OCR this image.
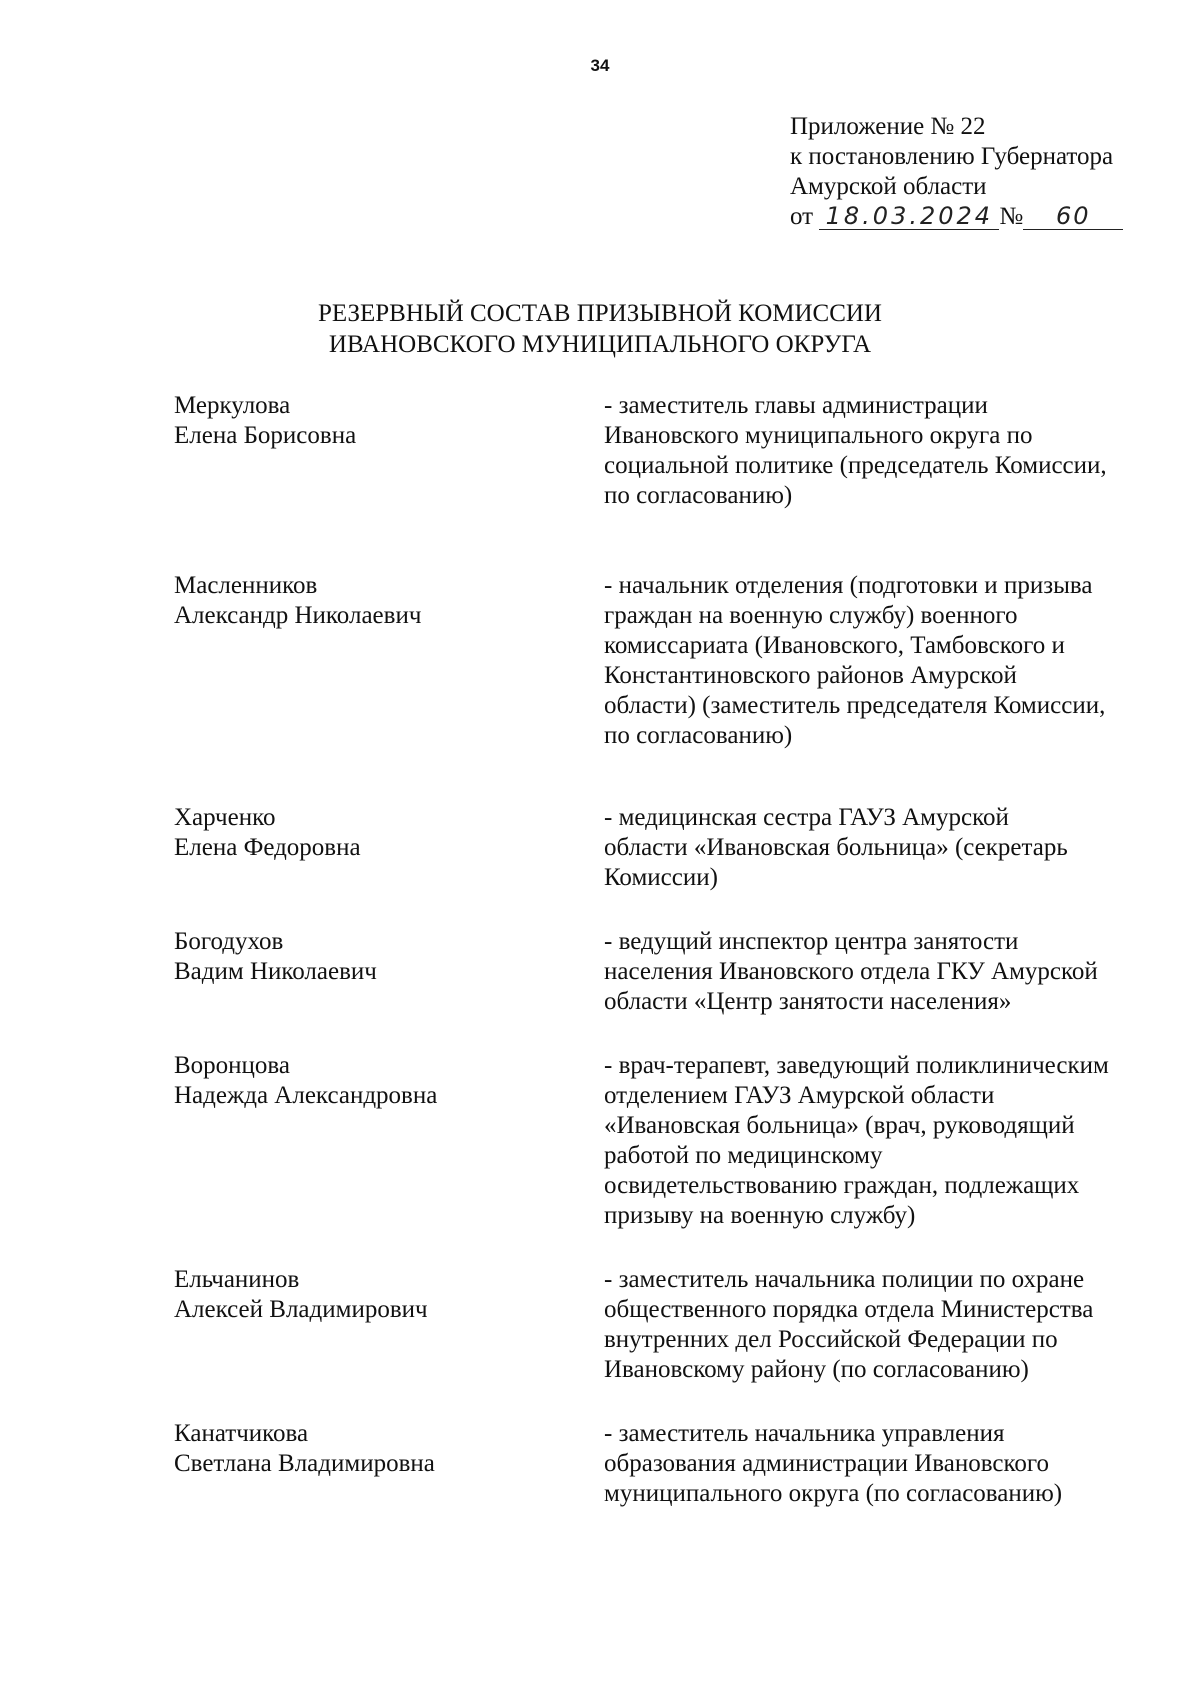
34
Приложение № 22
к постановлению Губернатора
Амурской области
от 18.03.2024 № 60
РЕЗЕРВНЫЙ СОСТАВ ПРИЗЫВНОЙ КОМИССИИ
ИВАНОВСКОГО МУНИЦИПАЛЬНОГО ОКРУГА
Меркулова
Елена Борисовна
- заместитель главы администрации
Ивановского муниципального округа по
социальной политике (председатель Комиссии,
по согласованию)
Масленников
Александр Николаевич
- начальник отделения (подготовки и призыва
граждан на военную службу) военного
комиссариата (Ивановского, Тамбовского и
Константиновского районов Амурской
области) (заместитель председателя Комиссии,
по согласованию)
Харченко
Елена Федоровна
- медицинская сестра ГАУЗ Амурской
области «Ивановская больница» (секретарь
Комиссии)
Богодухов
Вадим Николаевич
- ведущий инспектор центра занятости
населения Ивановского отдела ГКУ Амурской
области «Центр занятости населения»
Воронцова
Надежда Александровна
- врач-терапевт, заведующий поликлиническим
отделением ГАУЗ Амурской области
«Ивановская больница» (врач, руководящий
работой по медицинскому
освидетельствованию граждан, подлежащих
призыву на военную службу)
Ельчанинов
Алексей Владимирович
- заместитель начальника полиции по охране
общественного порядка отдела Министерства
внутренних дел Российской Федерации по
Ивановскому району (по согласованию)
Канатчикова
Светлана Владимировна
- заместитель начальника управления
образования администрации Ивановского
муниципального округа (по согласованию)
